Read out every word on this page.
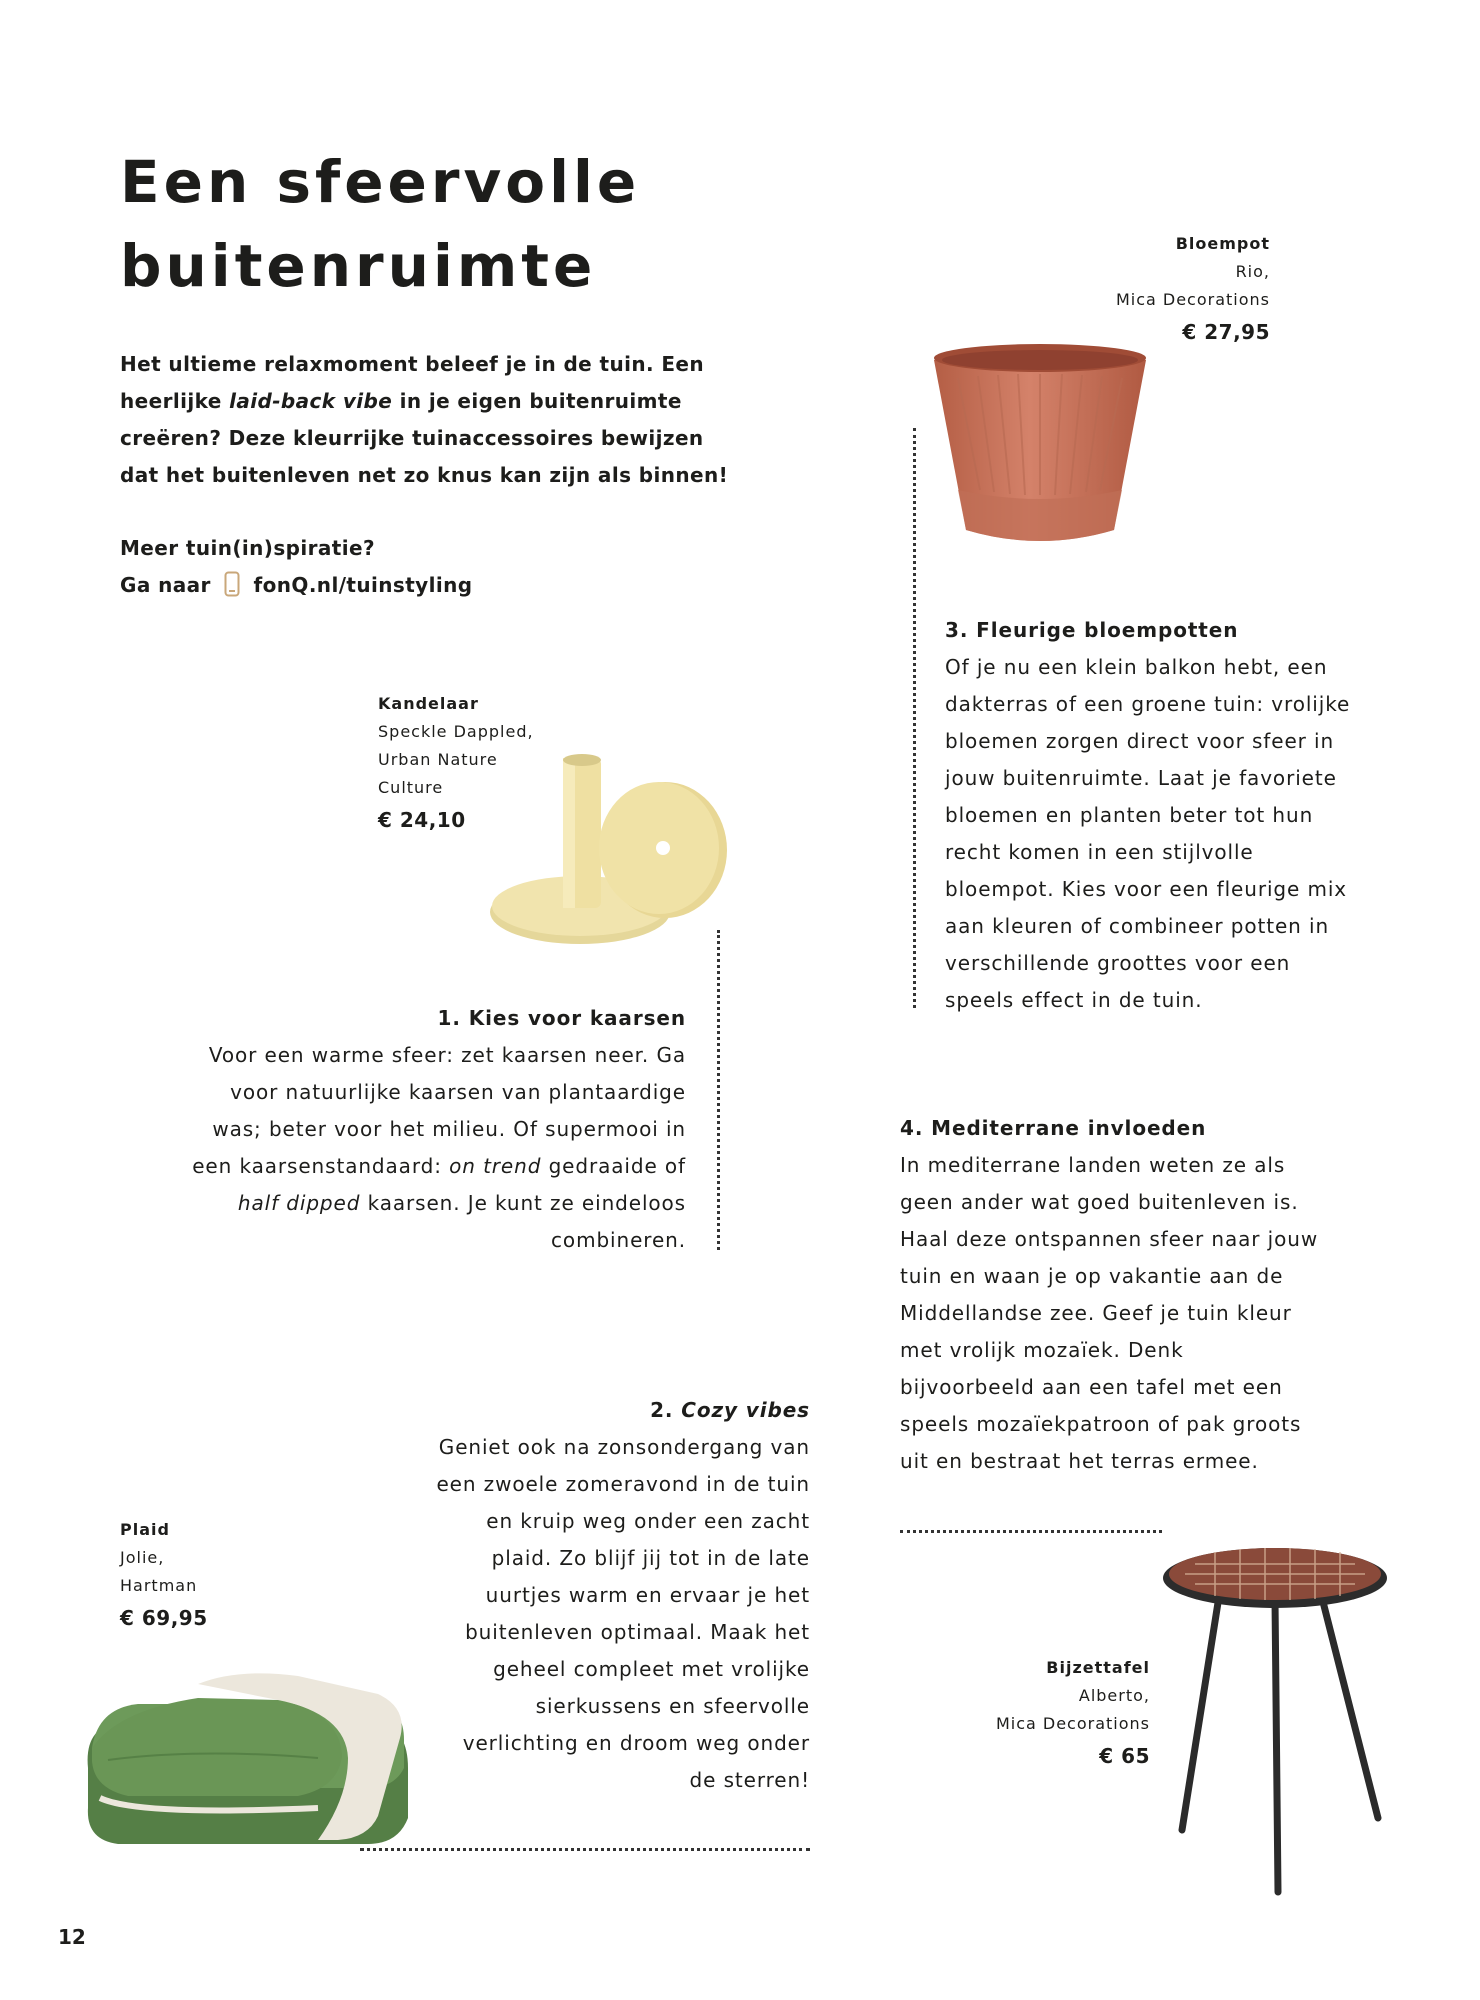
Een sfeervolle
buitenruimte

Het ultieme relaxmoment beleef je in de tuin. Een heerlijke laid-back vibe in je eigen buitenruimte creëren? Deze kleurrijke tuinaccessoires bewijzen dat het buitenleven net zo knus kan zijn als binnen!

Meer tuin(in)spiratie?
Ga naar fonQ.nl/tuinstyling
Bloempot
Rio,
Mica Decorations
€ 27,95
3. Fleurige bloempotten
Of je nu een klein balkon hebt, een dakterras of een groene tuin: vrolijke bloemen zorgen direct voor sfeer in jouw buitenruimte. Laat je favoriete bloemen en planten beter tot hun recht komen in een stijlvolle bloempot. Kies voor een fleurige mix aan kleuren of combineer potten in verschillende groottes voor een speels effect in de tuin.
Kandelaar
Speckle Dappled,
Urban Nature
Culture
€ 24,10

1. Kies voor kaarsen
Voor een warme sfeer: zet kaarsen neer. Ga voor natuurlijke kaarsen van plantaardige was; beter voor het milieu. Of supermooi in een kaarsenstandaard: on trend gedraaide of half dipped kaarsen. Je kunt ze eindeloos combineren.

4. Mediterrane invloeden
In mediterrane landen weten ze als geen ander wat goed buitenleven is. Haal deze ontspannen sfeer naar jouw tuin en waan je op vakantie aan de Middellandse zee. Geef je tuin kleur met vrolijk mozaïek. Denk bijvoorbeeld aan een tafel met een speels mozaïekpatroon of pak groots uit en bestraat het terras ermee.
2. Cozy vibes
Geniet ook na zonsondergang van een zwoele zomeravond in de tuin en kruip weg onder een zacht plaid. Zo blijf jij tot in de late uurtjes warm en ervaar je het buitenleven optimaal. Maak het geheel compleet met vrolijke sierkussens en sfeervolle verlichting en droom weg onder de sterren!
Plaid
Jolie,
Hartman
€ 69,95
Bijzettafel
Alberto,
Mica Decorations
€ 65
12
